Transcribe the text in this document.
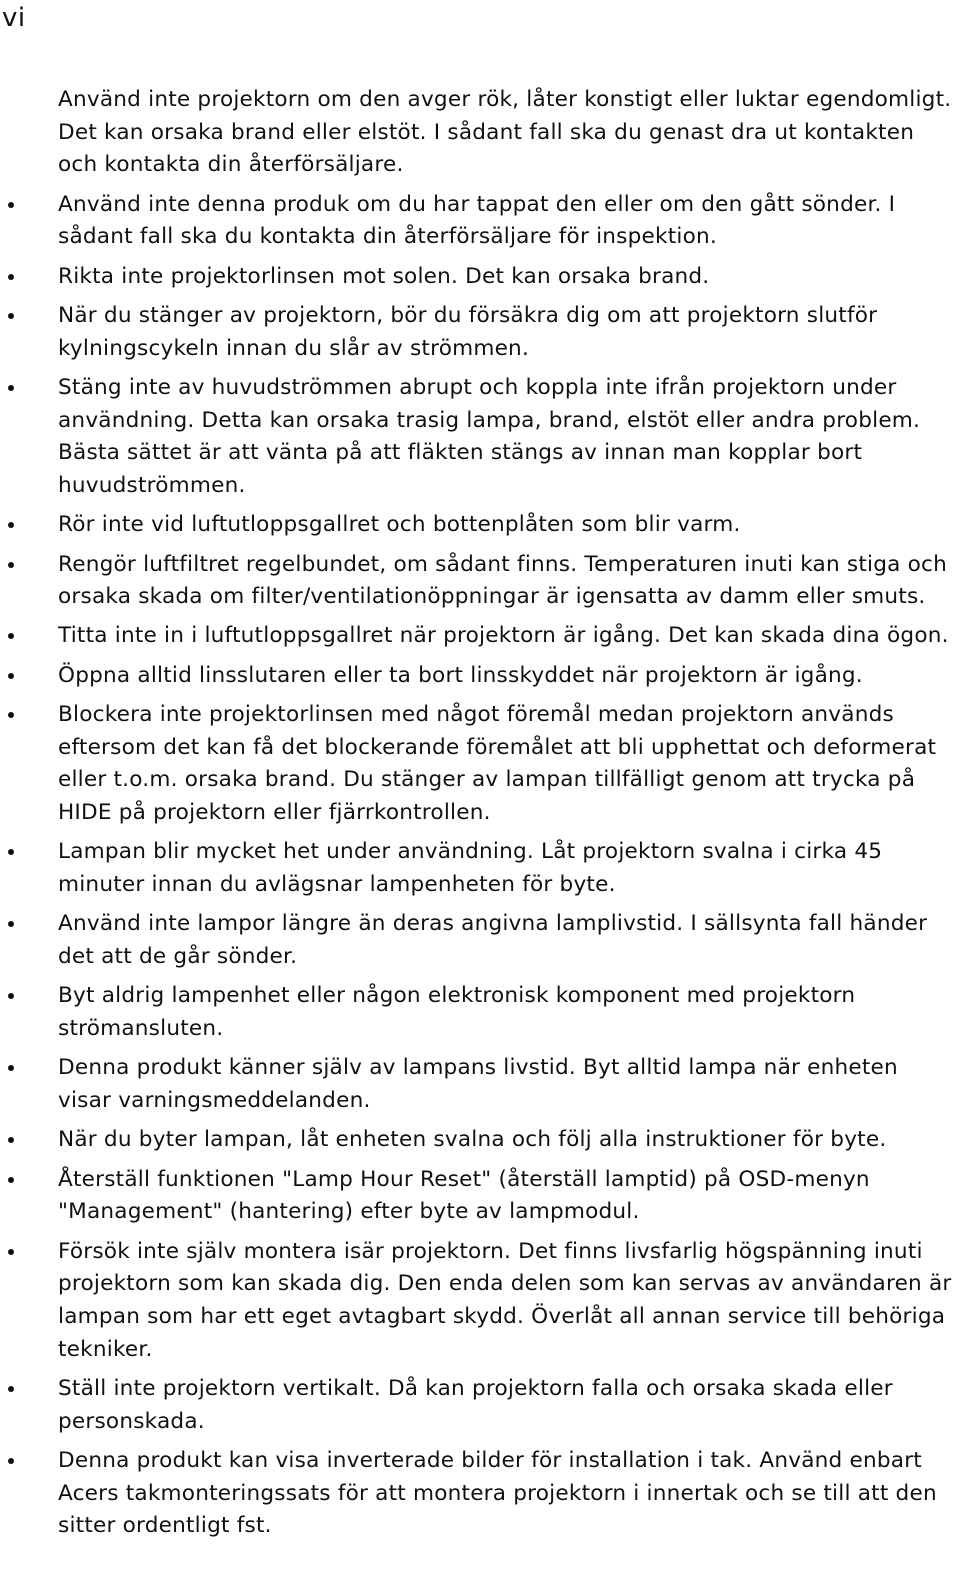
vi
Använd inte projektorn om den avger rök, låter konstigt eller luktar egendomligt. Det kan orsaka brand eller elstöt. I sådant fall ska du genast dra ut kontakten och kontakta din återförsäljare.
Använd inte denna produk om du har tappat den eller om den gått sönder. I sådant fall ska du kontakta din återförsäljare för inspektion.
Rikta inte projektorlinsen mot solen. Det kan orsaka brand.
När du stänger av projektorn, bör du försäkra dig om att projektorn slutför kylningscykeln innan du slår av strömmen.
Stäng inte av huvudströmmen abrupt och koppla inte ifrån projektorn under användning. Detta kan orsaka trasig lampa, brand, elstöt eller andra problem. Bästa sättet är att vänta på att fläkten stängs av innan man kopplar bort huvudströmmen.
Rör inte vid luftutloppsgallret och bottenplåten som blir varm.
Rengör luftfiltret regelbundet, om sådant finns. Temperaturen inuti kan stiga och orsaka skada om filter/ventilationöppningar är igensatta av damm eller smuts.
Titta inte in i luftutloppsgallret när projektorn är igång. Det kan skada dina ögon.
Öppna alltid linsslutaren eller ta bort linsskyddet när projektorn är igång.
Blockera inte projektorlinsen med något föremål medan projektorn används eftersom det kan få det blockerande föremålet att bli upphettat och deformerat eller t.o.m. orsaka brand. Du stänger av lampan tillfälligt genom att trycka på HIDE på projektorn eller fjärrkontrollen.
Lampan blir mycket het under användning. Låt projektorn svalna i cirka 45 minuter innan du avlägsnar lampenheten för byte.
Använd inte lampor längre än deras angivna lamplivstid. I sällsynta fall händer det att de går sönder.
Byt aldrig lampenhet eller någon elektronisk komponent med projektorn strömansluten.
Denna produkt känner själv av lampans livstid. Byt alltid lampa när enheten visar varningsmeddelanden.
När du byter lampan, låt enheten svalna och följ alla instruktioner för byte.
Återställ funktionen "Lamp Hour Reset" (återställ lamptid) på OSD-menyn "Management" (hantering) efter byte av lampmodul.
Försök inte själv montera isär projektorn. Det finns livsfarlig högspänning inuti projektorn som kan skada dig. Den enda delen som kan servas av användaren är lampan som har ett eget avtagbart skydd. Överlåt all annan service till behöriga tekniker.
Ställ inte projektorn vertikalt. Då kan projektorn falla och orsaka skada eller personskada.
Denna produkt kan visa inverterade bilder för installation i tak. Använd enbart Acers takmonteringssats för att montera projektorn i innertak och se till att den sitter ordentligt fst.
